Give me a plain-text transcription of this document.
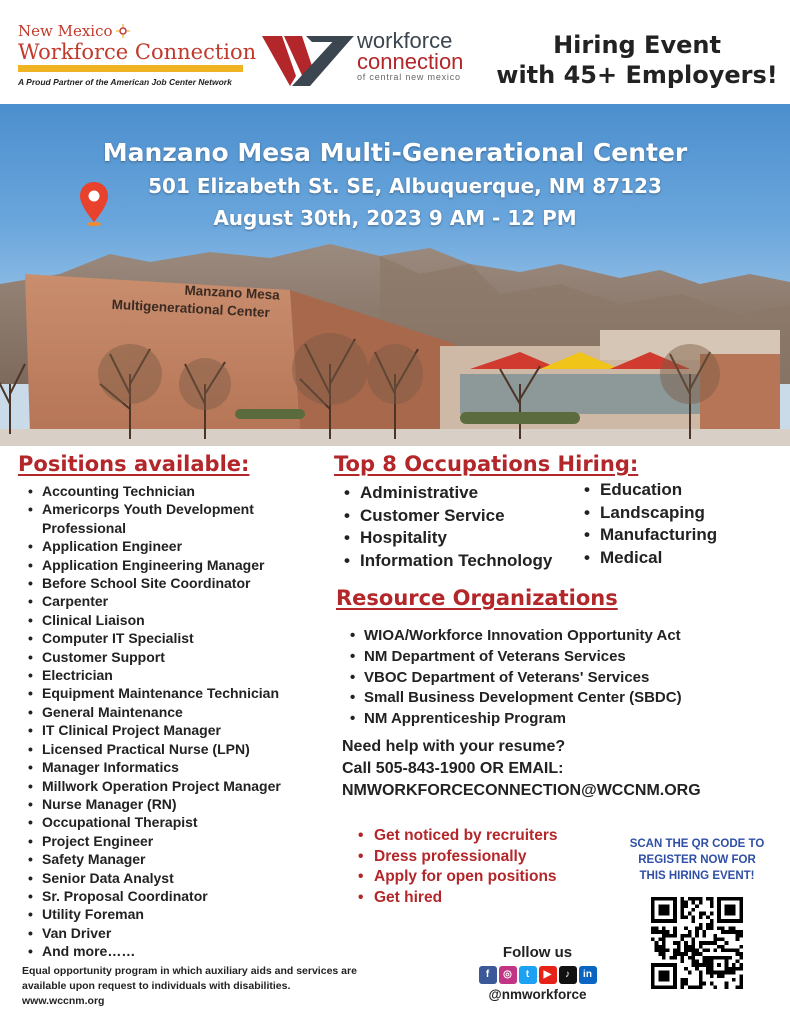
New Mexico
Workforce Connection
A Proud Partner of the American Job Center Network
workforce
connection
of central new mexico
Hiring Event
with 45+ Employers!
Manzano Mesa
Multigenerational Center
Manzano Mesa Multi-Generational Center
501 Elizabeth St. SE, Albuquerque, NM 87123
August 30th, 2023 9 AM - 12 PM
Positions available:
• Accounting Technician
• Americorps Youth Development Professional
• Application Engineer
• Application Engineering Manager
• Before School Site Coordinator
• Carpenter
• Clinical Liaison
• Computer IT Specialist
• Customer Support
• Electrician
• Equipment Maintenance Technician
• General Maintenance
• IT Clinical Project Manager
• Licensed Practical Nurse (LPN)
• Manager Informatics
• Millwork Operation Project Manager
• Nurse Manager (RN)
• Occupational Therapist
• Project Engineer
• Safety Manager
• Senior Data Analyst
• Sr. Proposal Coordinator
• Utility Foreman
• Van Driver
• And more……
Top 8 Occupations Hiring:
• Administrative
• Customer Service
• Hospitality
• Information Technology
• Education
• Landscaping
• Manufacturing
• Medical
Resource Organizations
• WIOA/Workforce Innovation Opportunity Act
• NM Department of Veterans Services
• VBOC Department of Veterans' Services
• Small Business Development Center (SBDC)
• NM Apprenticeship Program
Need help with your resume?
Call 505-843-1900 OR EMAIL:
NMWORKFORCECONNECTION@WCCNM.ORG
• Get noticed by recruiters
• Dress professionally
• Apply for open positions
• Get hired
SCAN THE QR CODE TO
REGISTER NOW FOR
THIS HIRING EVENT!
Follow us
f	◎	t	▶	♪	in
@nmworkforce
Equal opportunity program in which auxiliary aids and services are
available upon request to individuals with disabilities.
www.wccnm.org
